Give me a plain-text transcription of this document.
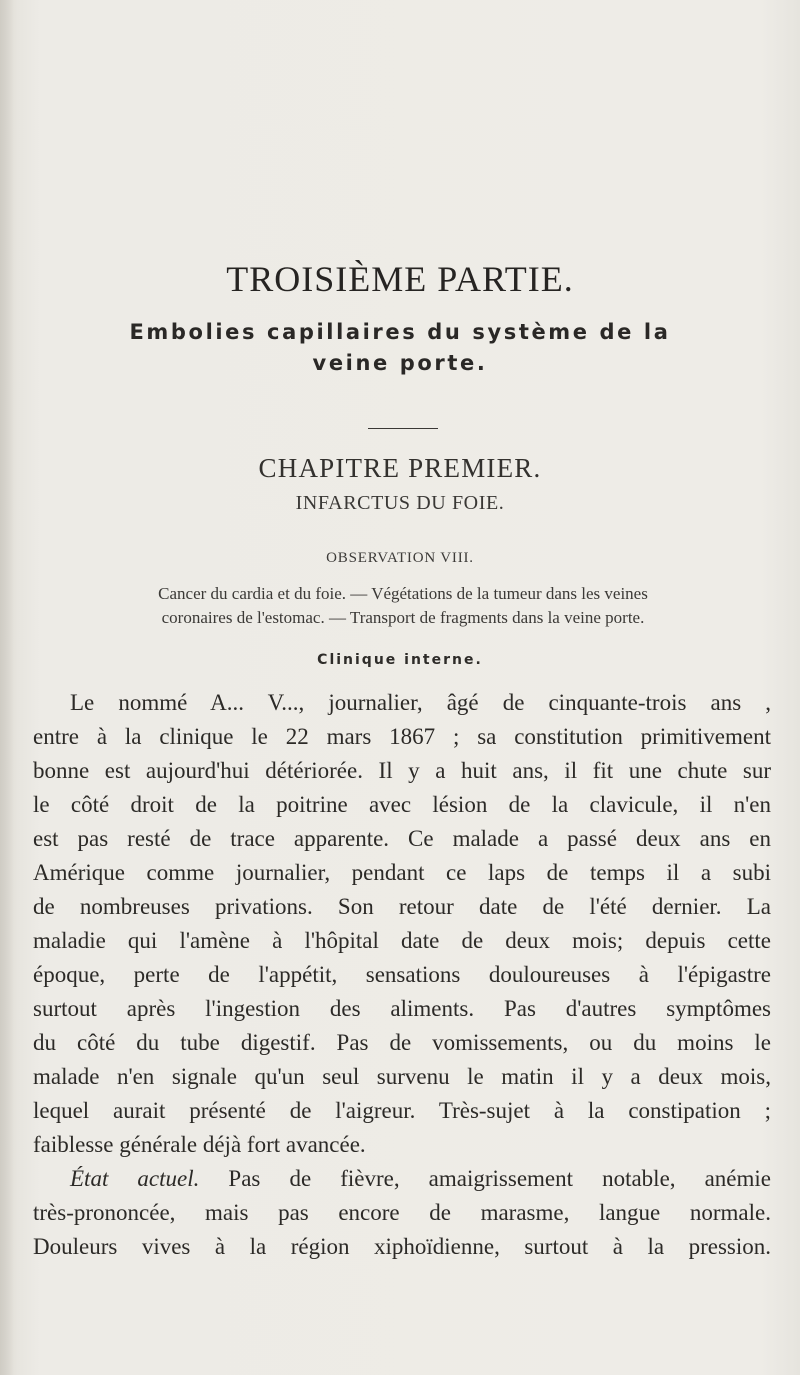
TROISIÈME PARTIE.
Embolies capillaires du système de la
veine porte.
CHAPITRE PREMIER.
INFARCTUS DU FOIE.
OBSERVATION VIII.
Cancer du cardia et du foie. — Végétations de la tumeur dans les veines
coronaires de l'estomac. — Transport de fragments dans la veine porte.
Clinique interne.
Le nommé A... V..., journalier, âgé de cinquante-trois ans ,
entre à la clinique le 22 mars 1867 ; sa constitution primitivement
bonne est aujourd'hui détériorée. Il y a huit ans, il fit une chute sur
le côté droit de la poitrine avec lésion de la clavicule, il n'en
est pas resté de trace apparente. Ce malade a passé deux ans en
Amérique comme journalier, pendant ce laps de temps il a subi
de nombreuses privations. Son retour date de l'été dernier. La
maladie qui l'amène à l'hôpital date de deux mois; depuis cette
époque, perte de l'appétit, sensations douloureuses à l'épigastre
surtout après l'ingestion des aliments. Pas d'autres symptômes
du côté du tube digestif. Pas de vomissements, ou du moins le
malade n'en signale qu'un seul survenu le matin il y a deux mois,
lequel aurait présenté de l'aigreur. Très-sujet à la constipation ;
faiblesse générale déjà fort avancée.
État actuel. Pas de fièvre, amaigrissement notable, anémie
très-prononcée, mais pas encore de marasme, langue normale.
Douleurs vives à la région xiphoïdienne, surtout à la pression.
